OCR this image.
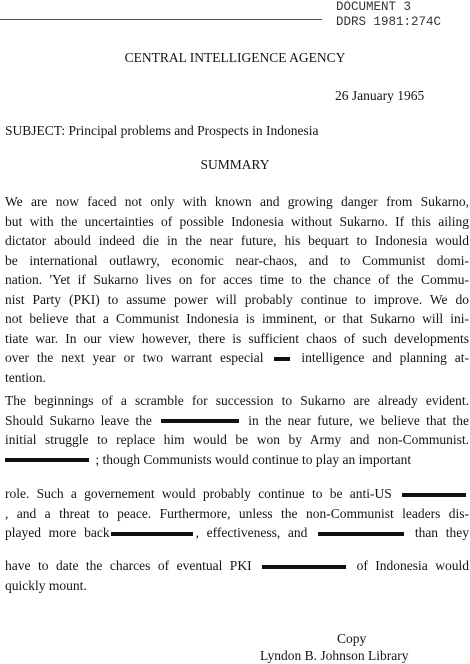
DOCUMENT 3
DDRS 1981:274C
CENTRAL INTELLIGENCE AGENCY
26 January 1965
SUBJECT: Principal problems and Prospects in Indonesia
SUMMARY
We are now faced not only with known and growing danger from Sukarno,
but with the uncertainties of possible Indonesia without Sukarno. If this ailing
dictator abould indeed die in the near future, his bequart to Indonesia would
be international outlawry, economic near-chaos, and to Communist domi-
nation. 'Yet if Sukarno lives on for acces time to the chance of the Commu-
nist Party (PKI) to assume power will probably continue to improve. We do
not believe that a Communist Indonesia is imminent, or that Sukarno will ini-
tiate war. In our view however, there is sufficient chaos of such developments
over the next year or two warrant especial	intelligence and planning at-
tention.
The beginnings of a scramble for succession to Sukarno are already evident.
Should Sukarno leave the	in the near future, we believe that the
initial struggle to replace him would be won by Army and non-Communist.
; though Communists would continue to play an important
role. Such a governement would probably continue to be anti-US
, and a threat to peace. Furthermore, unless the non-Communist leaders dis-
played more back	, effectiveness, and	than they
have to date the charces of eventual PKI	of Indonesia would
quickly mount.
Copy
Lyndon B. Johnson Library
